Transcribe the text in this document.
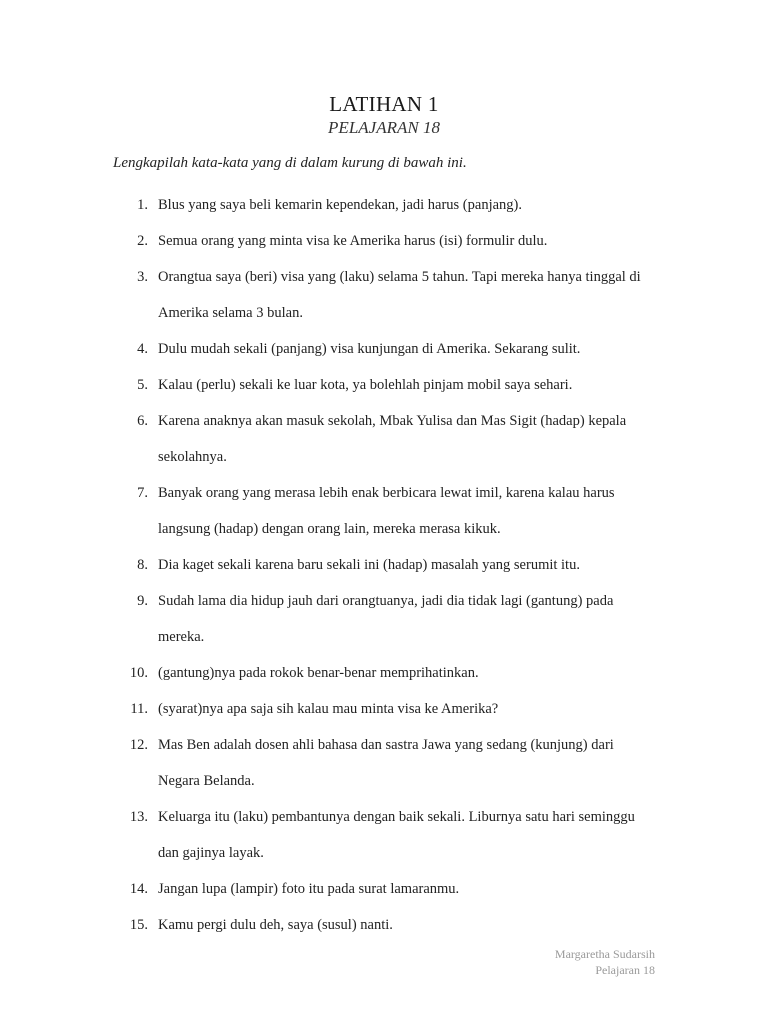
LATIHAN 1
PELAJARAN 18
Lengkapilah kata-kata yang di dalam kurung di bawah ini.
1. Blus yang saya beli kemarin kependekan, jadi harus (panjang).
2. Semua orang yang minta visa ke Amerika harus (isi) formulir dulu.
3. Orangtua saya (beri) visa yang (laku) selama 5 tahun. Tapi mereka hanya tinggal di Amerika selama 3 bulan.
4. Dulu mudah sekali (panjang) visa kunjungan di Amerika. Sekarang sulit.
5. Kalau (perlu) sekali ke luar kota, ya bolehlah pinjam mobil saya sehari.
6. Karena anaknya akan masuk sekolah, Mbak Yulisa dan Mas Sigit (hadap) kepala sekolahnya.
7. Banyak orang yang merasa lebih enak berbicara lewat imil, karena kalau harus langsung (hadap) dengan orang lain, mereka merasa kikuk.
8. Dia kaget sekali karena baru sekali ini (hadap) masalah yang serumit itu.
9. Sudah lama dia hidup jauh dari orangtuanya, jadi dia tidak lagi (gantung) pada mereka.
10. (gantung)nya pada rokok benar-benar memprihatinkan.
11. (syarat)nya apa saja sih kalau mau minta visa ke Amerika?
12. Mas Ben adalah dosen ahli bahasa dan sastra Jawa yang sedang (kunjung) dari Negara Belanda.
13. Keluarga itu (laku) pembantunya dengan baik sekali. Liburnya satu hari seminggu dan gajinya layak.
14. Jangan lupa (lampir) foto itu pada surat lamaranmu.
15. Kamu pergi dulu deh, saya (susul) nanti.
Margaretha Sudarsih
Pelajaran 18
